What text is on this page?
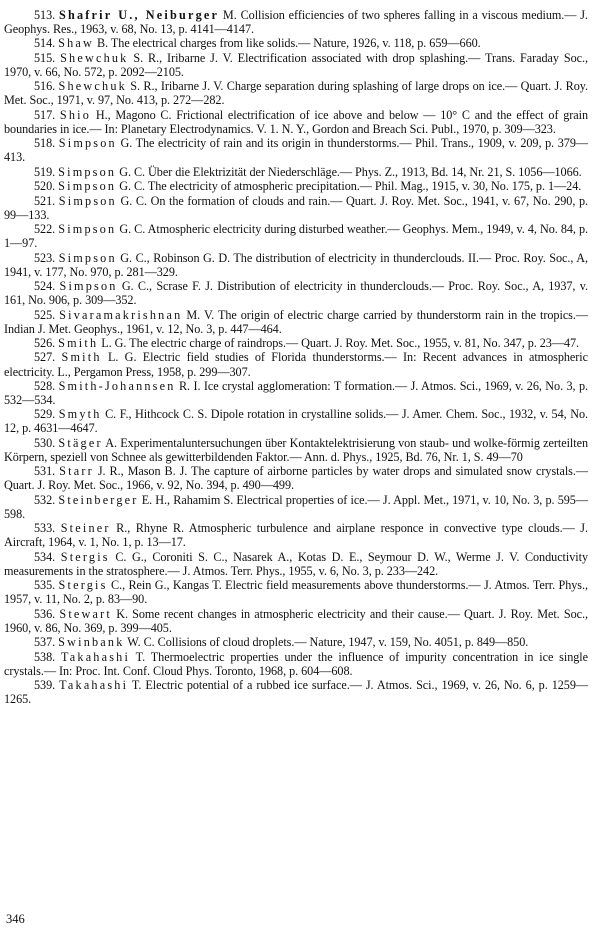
513. Shafrir U., Neiburger M. Collision efficiencies of two spheres falling in a viscous medium.— J. Geophys. Res., 1963, v. 68, No. 13, p. 4141—4147.

514. Shaw B. The electrical charges from like solids.— Nature, 1926, v. 118, p. 659—660.

515. Shewchuk S. R., Iribarne J. V. Electrification associated with drop splashing.— Trans. Faraday Soc., 1970, v. 66, No. 572, p. 2092—2105.

516. Shewchuk S. R., Iribarne J. V. Charge separation during splashing of large drops on ice.— Quart. J. Roy. Met. Soc., 1971, v. 97, No. 413, p. 272—282.

517. Shio H., Magono C. Frictional electrification of ice above and below — 10° C and the effect of grain boundaries in ice.— In: Planetary Electrodynamics. V. 1. N. Y., Gordon and Breach Sci. Publ., 1970, p. 309—323.

518. Simpson G. The electricity of rain and its origin in thunderstorms.— Phil. Trans., 1909, v. 209, p. 379—413.

519. Simpson G. C. Über die Elektrizität der Niederschläge.— Phys. Z., 1913, Bd. 14, Nr. 21, S. 1056—1066.

520. Simpson G. C. The electricity of atmospheric precipitation.— Phil. Mag., 1915, v. 30, No. 175, p. 1—24.

521. Simpson G. C. On the formation of clouds and rain.— Quart. J. Roy. Met. Soc., 1941, v. 67, No. 290, p. 99—133.

522. Simpson G. C. Atmospheric electricity during disturbed weather.— Geophys. Mem., 1949, v. 4, No. 84, p. 1—97.

523. Simpson G. C., Robinson G. D. The distribution of electricity in thunderclouds. II.— Proc. Roy. Soc., A, 1941, v. 177, No. 970, p. 281—329.

524. Simpson G. C., Scrase F. J. Distribution of electricity in thunderclouds.— Proc. Roy. Soc., A, 1937, v. 161, No. 906, p. 309—352.

525. Sivaramakrishnan M. V. The origin of electric charge carried by thunderstorm rain in the tropics.— Indian J. Met. Geophys., 1961, v. 12, No. 3, p. 447—464.

526. Smith L. G. The electric charge of raindrops.— Quart. J. Roy. Met. Soc., 1955, v. 81, No. 347, p. 23—47.

527. Smith L. G. Electric field studies of Florida thunderstorms.— In: Recent advances in atmospheric electricity. L., Pergamon Press, 1958, p. 299—307.

528. Smith-Johannsen R. I. Ice crystal agglomeration: T formation.— J. Atmos. Sci., 1969, v. 26, No. 3, p. 532—534.

529. Smyth C. F., Hithcock C. S. Dipole rotation in crystalline solids.— J. Amer. Chem. Soc., 1932, v. 54, No. 12, p. 4631—4647.

530. Stäger A. Experimentaluntersuchungen über Kontaktelektrisierung von staub- und wolke-förmig zerteilten Körpern, speziell von Schnee als gewitterbildenden Faktor.— Ann. d. Phys., 1925, Bd. 76, Nr. 1, S. 49—70

531. Starr J. R., Mason B. J. The capture of airborne particles by water drops and simulated snow crystals.— Quart. J. Roy. Met. Soc., 1966, v. 92, No. 394, p. 490—499.

532. Steinberger E. H., Rahamim S. Electrical properties of ice.— J. Appl. Met., 1971, v. 10, No. 3, p. 595—598.

533. Steiner R., Rhyne R. Atmospheric turbulence and airplane responce in convective type clouds.— J. Aircraft, 1964, v. 1, No. 1, p. 13—17.

534. Stergis C. G., Coroniti S. C., Nasarek A., Kotas D. E., Seymour D. W., Werme J. V. Conductivity measurements in the stratosphere.— J. Atmos. Terr. Phys., 1955, v. 6, No. 3, p. 233—242.

535. Stergis C., Rein G., Kangas T. Electric field measurements above thunderstorms.— J. Atmos. Terr. Phys., 1957, v. 11, No. 2, p. 83—90.

536. Stewart K. Some recent changes in atmospheric electricity and their cause.— Quart. J. Roy. Met. Soc., 1960, v. 86, No. 369, p. 399—405.

537. Swinbank W. C. Collisions of cloud droplets.— Nature, 1947, v. 159, No. 4051, p. 849—850.

538. Takahashi T. Thermoelectric properties under the influence of impurity concentration in ice single crystals.— In: Proc. Int. Conf. Cloud Phys. Toronto, 1968, p. 604—608.

539. Takahashi T. Electric potential of a rubbed ice surface.— J. Atmos. Sci., 1969, v. 26, No. 6, p. 1259—1265.

346
